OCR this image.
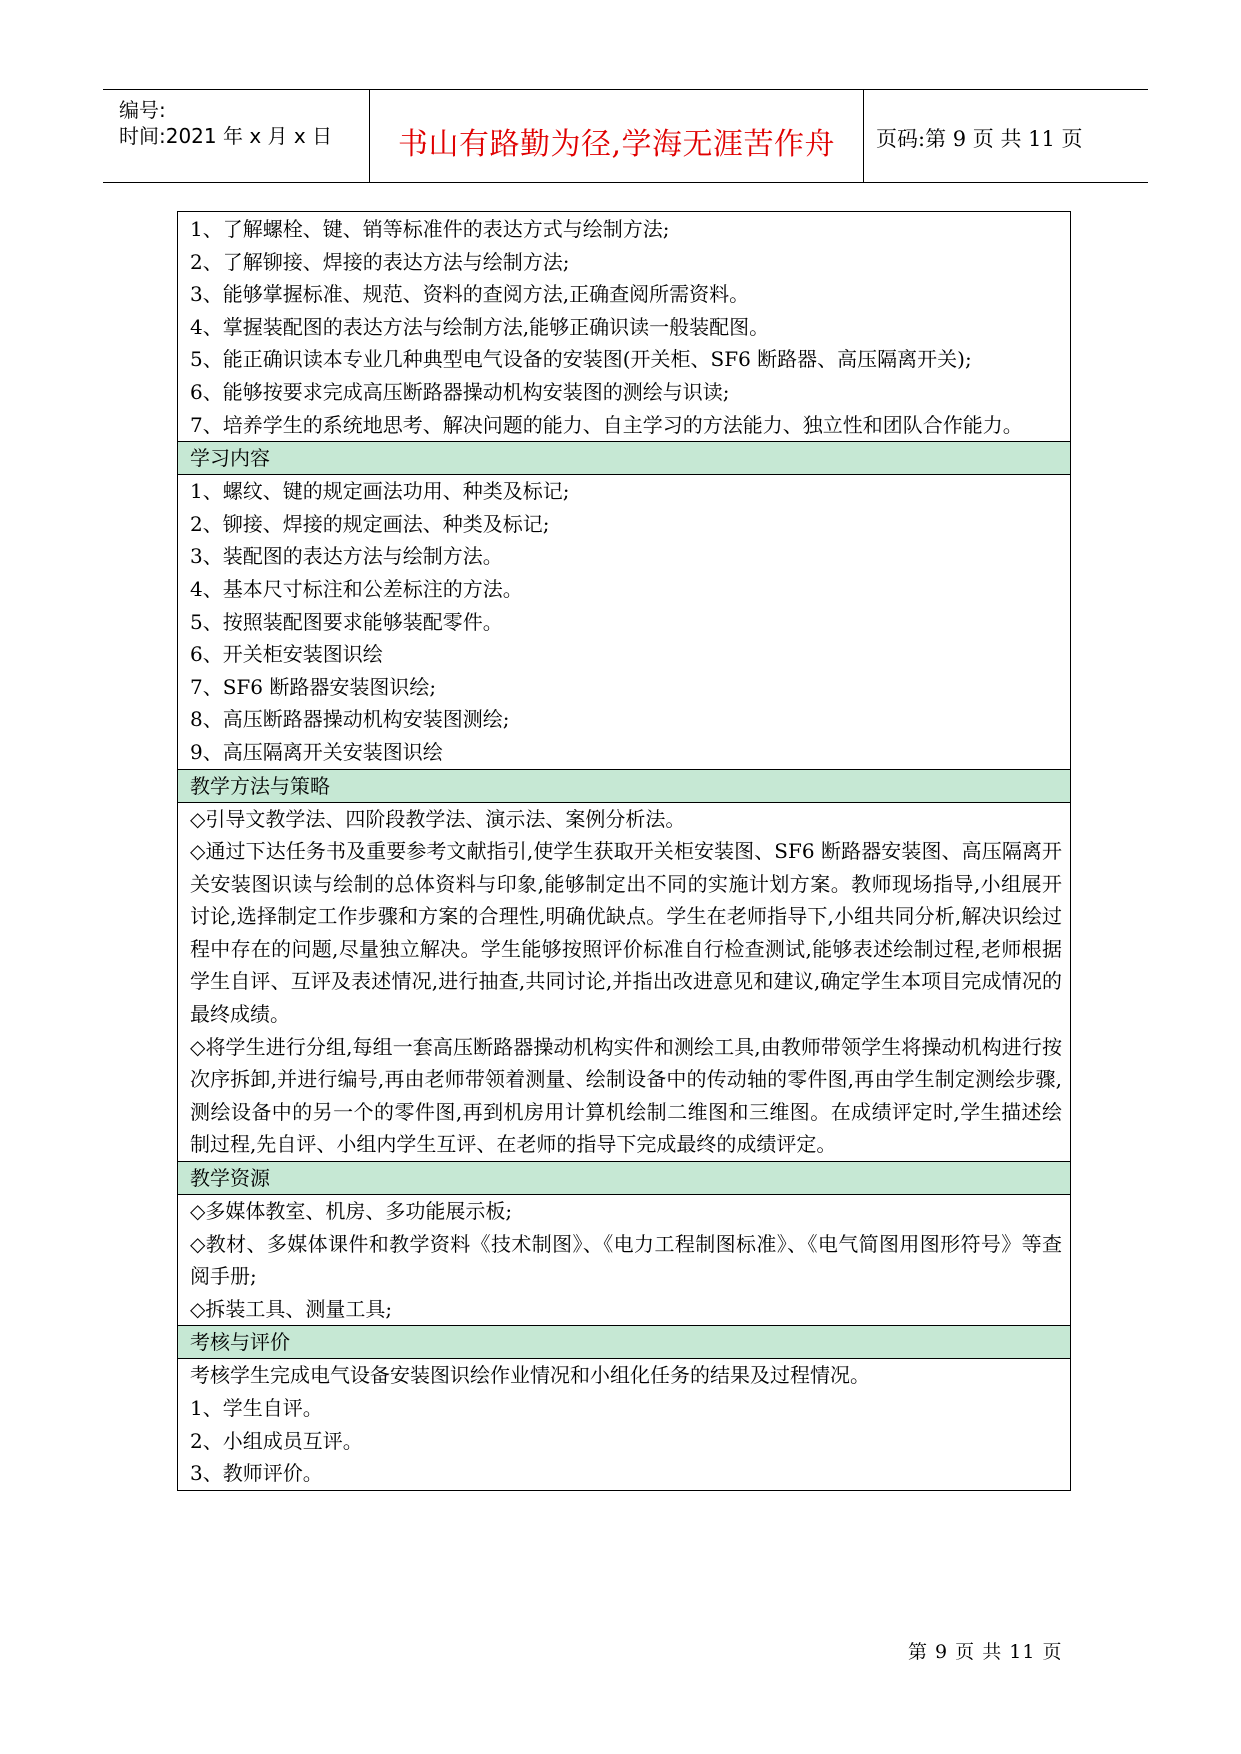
编号:
时间:2021 年 x 月 x 日	书山有路勤为径,学海无涯苦作舟	页码:第 9 页 共 11 页

1、了解螺栓、键、销等标准件的表达方式与绘制方法;

2、了解铆接、焊接的表达方法与绘制方法;

3、能够掌握标准、规范、资料的查阅方法,正确查阅所需资料。

4、掌握装配图的表达方法与绘制方法,能够正确识读一般装配图。

5、能正确识读本专业几种典型电气设备的安装图(开关柜、SF6 断路器、高压隔离开关);

6、能够按要求完成高压断路器操动机构安装图的测绘与识读;

7、培养学生的系统地思考、解决问题的能力、自主学习的方法能力、独立性和团队合作能力。

学习内容

1、螺纹、键的规定画法功用、种类及标记;

2、铆接、焊接的规定画法、种类及标记;

3、装配图的表达方法与绘制方法。

4、基本尺寸标注和公差标注的方法。

5、按照装配图要求能够装配零件。

6、开关柜安装图识绘

7、SF6 断路器安装图识绘;

8、高压断路器操动机构安装图测绘;

9、高压隔离开关安装图识绘

教学方法与策略

◇引导文教学法、四阶段教学法、演示法、案例分析法。

◇通过下达任务书及重要参考文献指引,使学生获取开关柜安装图、SF6 断路器安装图、高压隔离开关安装图识读与绘制的总体资料与印象,能够制定出不同的实施计划方案。教师现场指导,小组展开讨论,选择制定工作步骤和方案的合理性,明确优缺点。学生在老师指导下,小组共同分析,解决识绘过程中存在的问题,尽量独立解决。学生能够按照评价标准自行检查测试,能够表述绘制过程,老师根据学生自评、互评及表述情况,进行抽查,共同讨论,并指出改进意见和建议,确定学生本项目完成情况的最终成绩。

◇将学生进行分组,每组一套高压断路器操动机构实件和测绘工具,由教师带领学生将操动机构进行按次序拆卸,并进行编号,再由老师带领着测量、绘制设备中的传动轴的零件图,再由学生制定测绘步骤,测绘设备中的另一个的零件图,再到机房用计算机绘制二维图和三维图。在成绩评定时,学生描述绘制过程,先自评、小组内学生互评、在老师的指导下完成最终的成绩评定。

教学资源

◇多媒体教室、机房、多功能展示板;

◇教材、多媒体课件和教学资料《技术制图》、《电力工程制图标准》、《电气简图用图形符号》等查阅手册;

◇拆装工具、测量工具;

考核与评价

考核学生完成电气设备安装图识绘作业情况和小组化任务的结果及过程情况。

1、学生自评。

2、小组成员互评。

3、教师评价。

第 9 页 共 11 页
